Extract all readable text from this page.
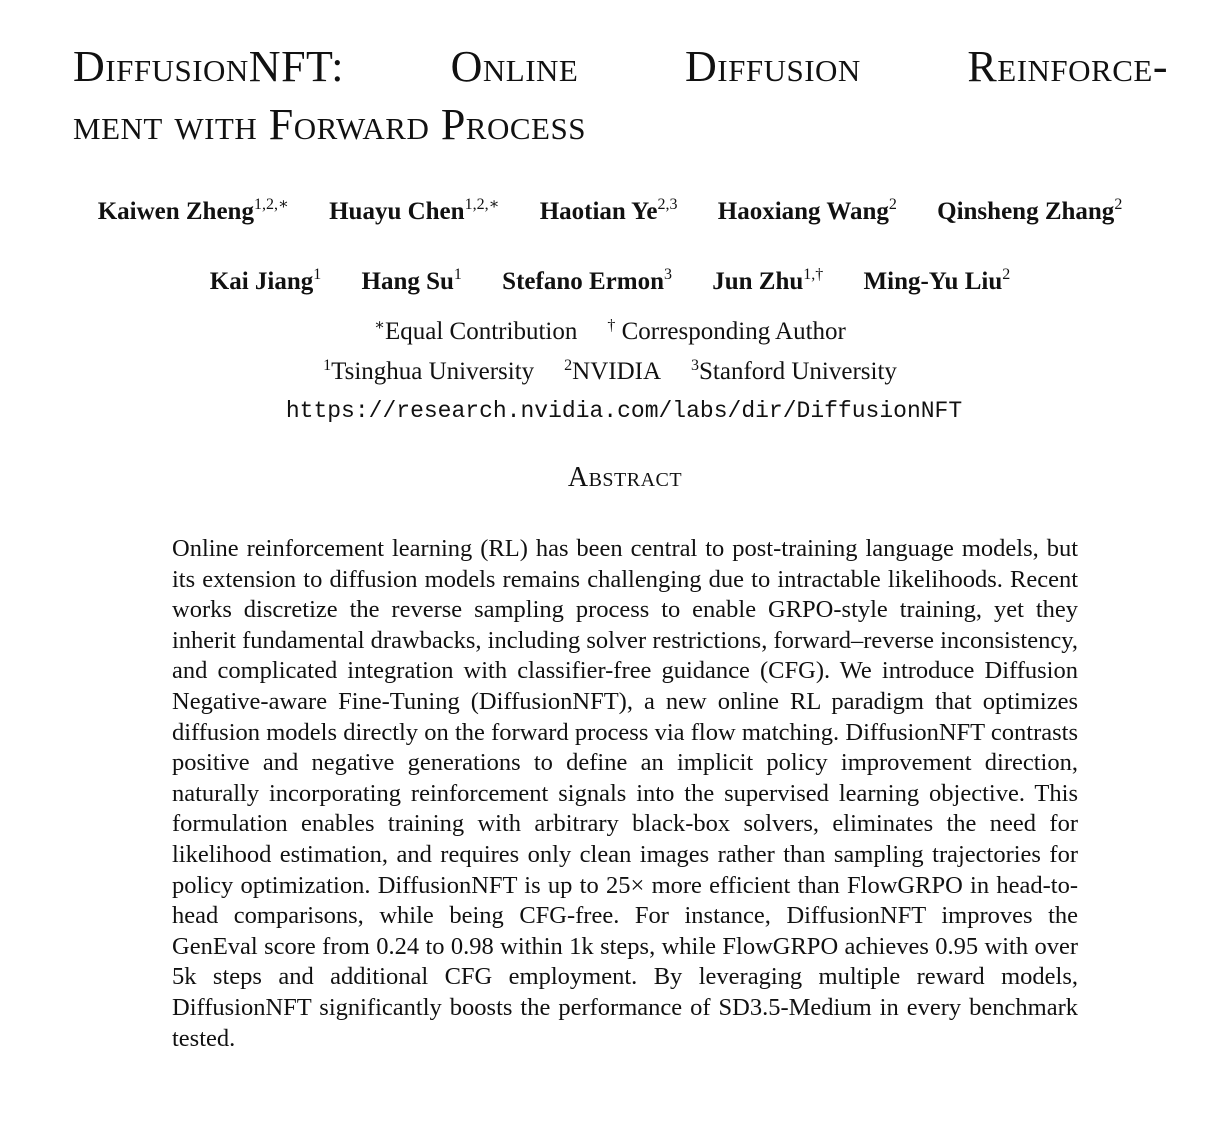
DiffusionNFT: Online Diffusion Reinforce-
ment with Forward Process
Kaiwen Zheng$^{1,2,∗}$ Huayu Chen$^{1,2,∗}$ Haotian Ye$^{2,3}$ Haoxiang Wang$^2$ Qinsheng Zhang$^2$
Kai Jiang$^1$ Hang Su$^1$ Stefano Ermon$^3$ Jun Zhu$^{1,\dagger}$ Ming-Yu Liu$^2$
∗Equal Contribution † Corresponding Author
$^1$Tsinghua University $^2$NVIDIA $^3$Stanford University
https://research.nvidia.com/labs/dir/DiffusionNFT
Abstract

Online reinforcement learning (RL) has been central to post-training language models, but its extension to diffusion models remains challenging due to intractable likelihoods. Recent works discretize the reverse sampling process to enable GRPO-style training, yet they inherit fundamental drawbacks, including solver restrictions, forward–reverse inconsistency, and complicated integration with classifier-free guidance (CFG). We introduce Diffusion Negative-aware Fine-Tuning (DiffusionNFT), a new online RL paradigm that optimizes diffusion models directly on the forward process via flow matching. DiffusionNFT contrasts positive and negative generations to define an implicit policy improvement direction, naturally incorporating reinforcement signals into the supervised learning objective. This formulation enables training with arbitrary black-box solvers, eliminates the need for likelihood estimation, and requires only clean images rather than sampling trajectories for policy optimization. DiffusionNFT is up to 25× more efficient than FlowGRPO in head-to-head comparisons, while being CFG-free. For instance, DiffusionNFT improves the GenEval score from 0.24 to 0.98 within 1k steps, while FlowGRPO achieves 0.95 with over 5k steps and additional CFG employment. By leveraging multiple reward models, DiffusionNFT significantly boosts the performance of SD3.5-Medium in every benchmark tested.
